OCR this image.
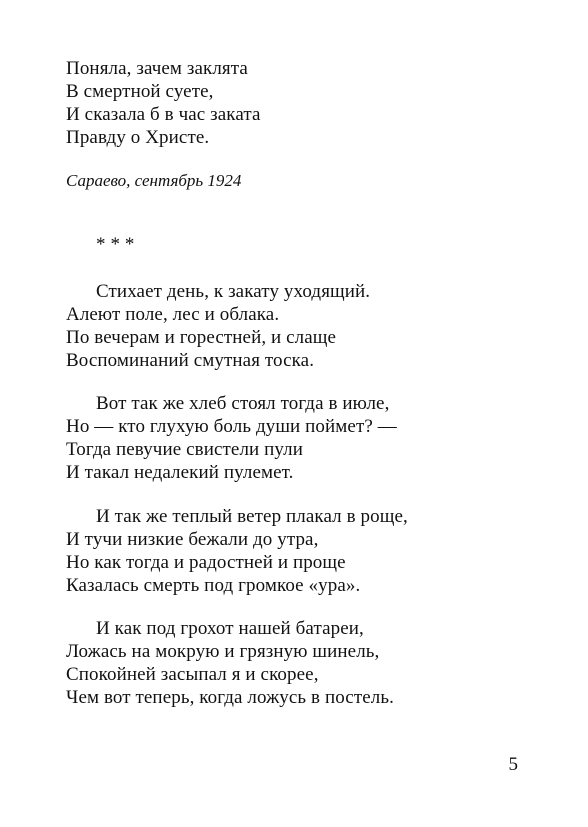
Поняла, зачем заклята
В смертной суете,
И сказала б в час заката
Правду о Христе.
Сараево, сентябрь 1924
* * *
Стихает день, к закату уходящий.
Алеют поле, лес и облака.
По вечерам и горестней, и слаще
Воспоминаний смутная тоска.
Вот так же хлеб стоял тогда в июле,
Но — кто глухую боль души поймет? —
Тогда певучие свистели пули
И такал недалекий пулемет.
И так же теплый ветер плакал в роще,
И тучи низкие бежали до утра,
Но как тогда и радостней и проще
Казалась смерть под громкое «ура».
И как под грохот нашей батареи,
Ложась на мокрую и грязную шинель,
Спокойней засыпал я и скорее,
Чем вот теперь, когда ложусь в постель.
5
